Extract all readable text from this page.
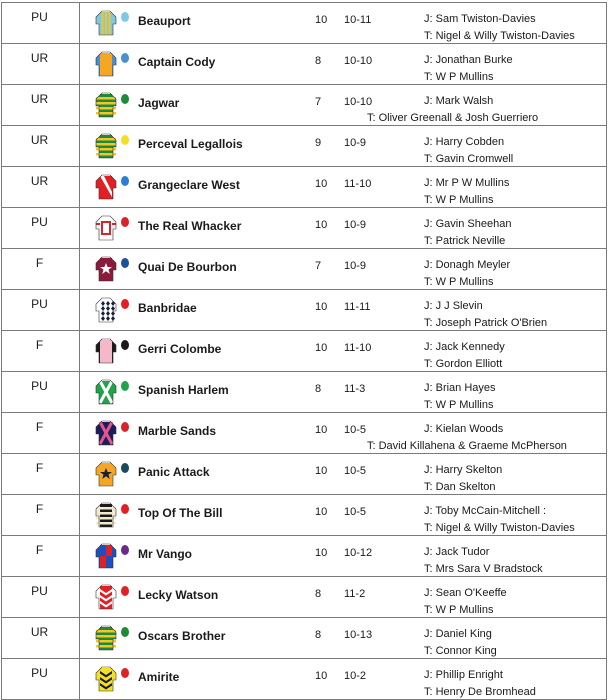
PU	Beauport 10 10-11 J: Sam Twiston-Davies
T: Nigel & Willy Twiston-Davies

UR	Captain Cody 8 10-10 J: Jonathan Burke
T: W P Mullins

UR	Jagwar 7 10-10 J: Mark Walsh
T: Oliver Greenall & Josh Guerriero

UR	Perceval Legallois 9 10-9 J: Harry Cobden
T: Gavin Cromwell

UR	Grangeclare West 10 11-10 J: Mr P W Mullins
T: W P Mullins

PU	The Real Whacker 10 10-9 J: Gavin Sheehan
T: Patrick Neville

F	Quai De Bourbon 7 10-9 J: Donagh Meyler
T: W P Mullins

PU	Banbridae 10 11-11 J: J J Slevin
T: Joseph Patrick O'Brien

F	Gerri Colombe 10 11-10 J: Jack Kennedy
T: Gordon Elliott

PU	Spanish Harlem 8 11-3 J: Brian Hayes
T: W P Mullins

F	Marble Sands 10 10-5 J: Kielan Woods
T: David Killahena & Graeme McPherson

F	Panic Attack 10 10-5 J: Harry Skelton
T: Dan Skelton

F	Top Of The Bill 10 10-5 J: Toby McCain-Mitchell :
T: Nigel & Willy Twiston-Davies

F	Mr Vango 10 10-12 J: Jack Tudor
T: Mrs Sara V Bradstock

PU	Lecky Watson 8 11-2 J: Sean O'Keeffe
T: W P Mullins

UR	Oscars Brother 8 10-13 J: Daniel King
T: Connor King

PU	Amirite 10 10-2 J: Phillip Enright
T: Henry De Bromhead
